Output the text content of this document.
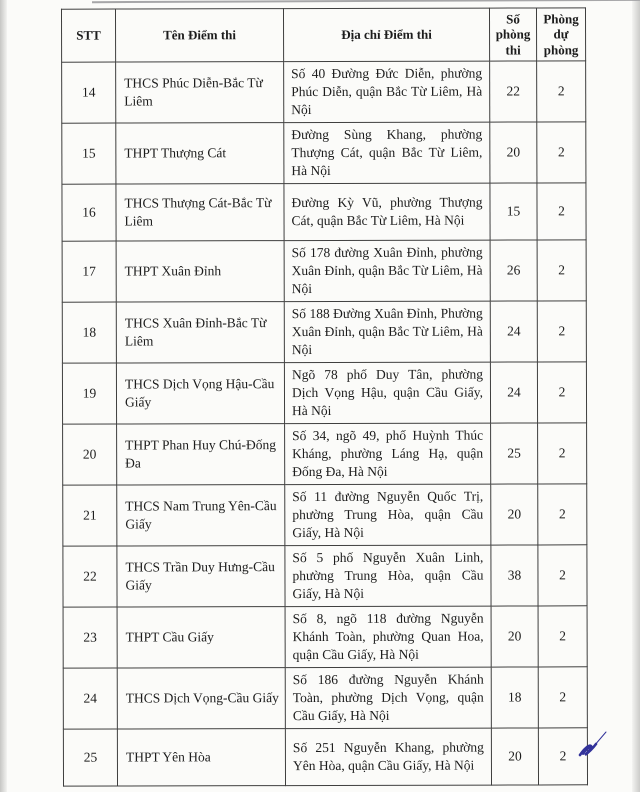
STT	Tên Điểm thi	Địa chỉ Điểm thi	Số phòng thi	Phòng dự phòng
14	THCS Phúc Diễn-Bắc Từ Liêm	Số 40 Đường Đức Diễn, phường Phúc Diễn, quận Bắc Từ Liêm, Hà Nội	22	2
15	THPT Thượng Cát	Đường Sùng Khang, phường Thượng Cát, quận Bắc Từ Liêm, Hà Nội	20	2
16	THCS Thượng Cát-Bắc Từ Liêm	Đường Kỳ Vũ, phường Thượng Cát, quận Bắc Từ Liêm, Hà Nội	15	2
17	THPT Xuân Đỉnh	Số 178 đường Xuân Đỉnh, phường Xuân Đỉnh, quận Bắc Từ Liêm, Hà Nội	26	2
18	THCS Xuân Đỉnh-Bắc Từ Liêm	Số 188 Đường Xuân Đỉnh, Phường Xuân Đỉnh, quận Bắc Từ Liêm, Hà Nội	24	2
19	THCS Dịch Vọng Hậu-Cầu Giấy	Ngõ 78 phố Duy Tân, phường Dịch Vọng Hậu, quận Cầu Giấy, Hà Nội	24	2
20	THPT Phan Huy Chú-Đống Đa	Số 34, ngõ 49, phố Huỳnh Thúc Kháng, phường Láng Hạ, quận Đống Đa, Hà Nội	25	2
21	THCS Nam Trung Yên-Cầu Giấy	Số 11 đường Nguyễn Quốc Trị, phường Trung Hòa, quận Cầu Giấy, Hà Nội	20	2
22	THCS Trần Duy Hưng-Cầu Giấy	Số 5 phố Nguyễn Xuân Linh, phường Trung Hòa, quận Cầu Giấy, Hà Nội	38	2
23	THPT Cầu Giấy	Số 8, ngõ 118 đường Nguyễn Khánh Toàn, phường Quan Hoa, quận Cầu Giấy, Hà Nội	20	2
24	THCS Dịch Vọng-Cầu Giấy	Số 186 đường Nguyễn Khánh Toàn, phường Dịch Vọng, quận Cầu Giấy, Hà Nội	18	2
25	THPT Yên Hòa	Số 251 Nguyễn Khang, phường Yên Hòa, quận Cầu Giấy, Hà Nội	20	2
